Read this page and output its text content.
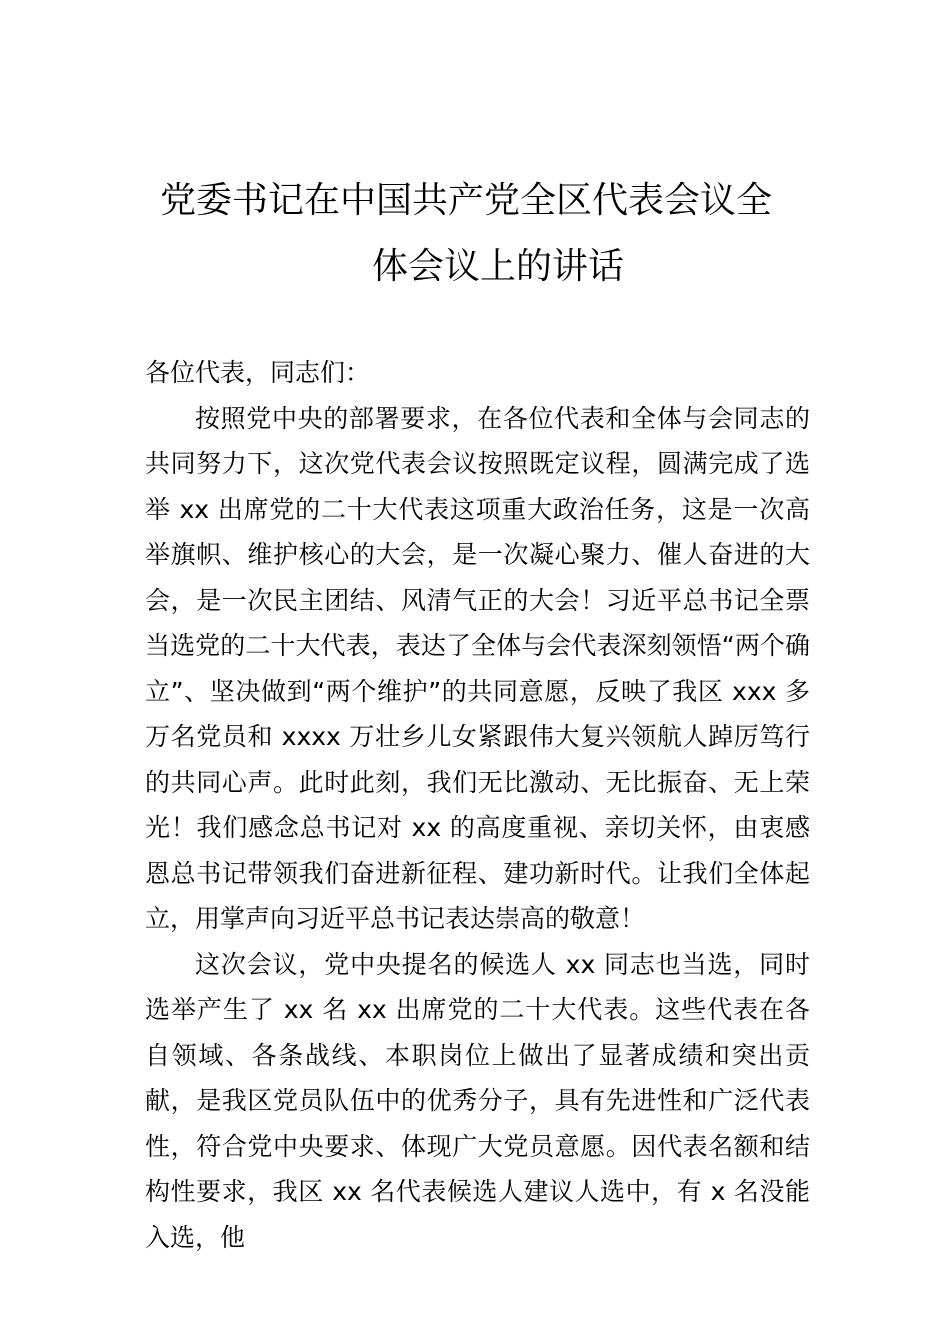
党委书记在中国共产党全区代表会议全
体会议上的讲话

各位代表，同志们：

按照党中央的部署要求，在各位代表和全体与会同志的共同努力下，这次党代表会议按照既定议程，圆满完成了选举 xx 出席党的二十大代表这项重大政治任务，这是一次高举旗帜、维护核心的大会，是一次凝心聚力、催人奋进的大会，是一次民主团结、风清气正的大会！习近平总书记全票当选党的二十大代表，表达了全体与会代表深刻领悟“两个确立”、坚决做到“两个维护”的共同意愿，反映了我区 xxx 多万名党员和 xxxx 万壮乡儿女紧跟伟大复兴领航人踔厉笃行的共同心声。此时此刻，我们无比激动、无比振奋、无上荣光！我们感念总书记对 xx 的高度重视、亲切关怀，由衷感恩总书记带领我们奋进新征程、建功新时代。让我们全体起立，用掌声向习近平总书记表达崇高的敬意！

这次会议，党中央提名的候选人 xx 同志也当选，同时选举产生了 xx 名 xx 出席党的二十大代表。这些代表在各自领域、各条战线、本职岗位上做出了显著成绩和突出贡献，是我区党员队伍中的优秀分子，具有先进性和广泛代表性，符合党中央要求、体现广大党员意愿。因代表名额和结构性要求，我区 xx 名代表候选人建议人选中，有 x 名没能入选，他
